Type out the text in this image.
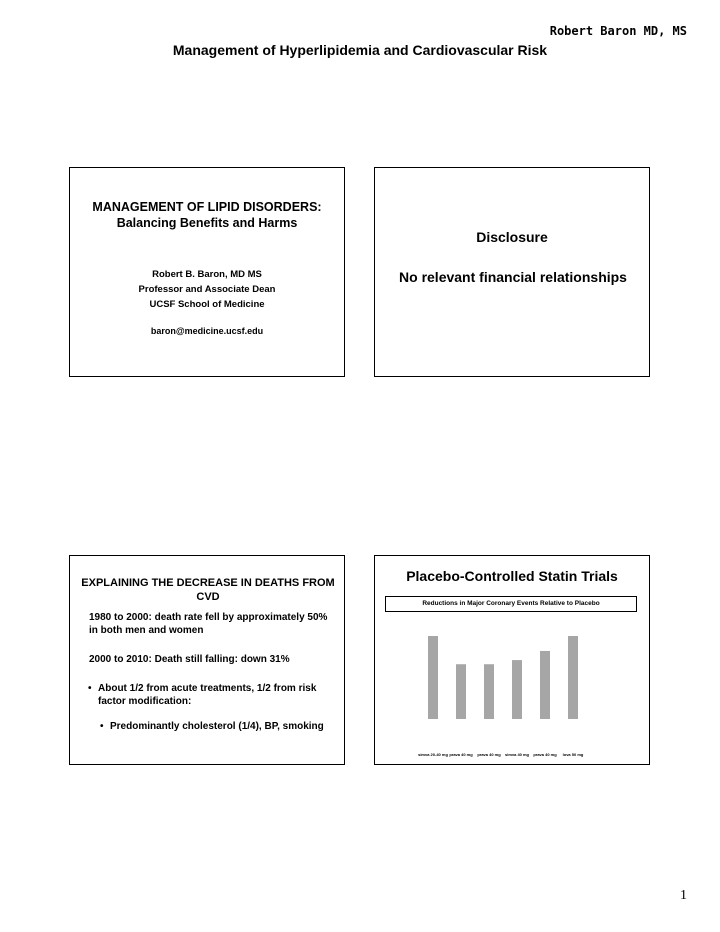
Robert Baron MD, MS
Management of Hyperlipidemia and Cardiovascular Risk
MANAGEMENT OF LIPID DISORDERS:
Balancing Benefits and Harms
Robert B. Baron, MD MS
Professor and Associate Dean
UCSF School of Medicine
baron@medicine.ucsf.edu
Disclosure
No relevant financial relationships
EXPLAINING THE DECREASE IN DEATHS FROM CVD
1980 to 2000: death rate fell by approximately 50% in both men and women
2000 to 2010: Death still falling: down 31%
• About 1/2 from acute treatments, 1/2 from risk factor modification:
• Predominantly cholesterol (1/4), BP, smoking
Placebo-Controlled Statin Trials
Reductions in Major Coronary Events Relative to Placebo
simva 20-40 mg prava 40 mg prava 40 mg simva 40 mg prava 40 mg lova 50 mg
1
